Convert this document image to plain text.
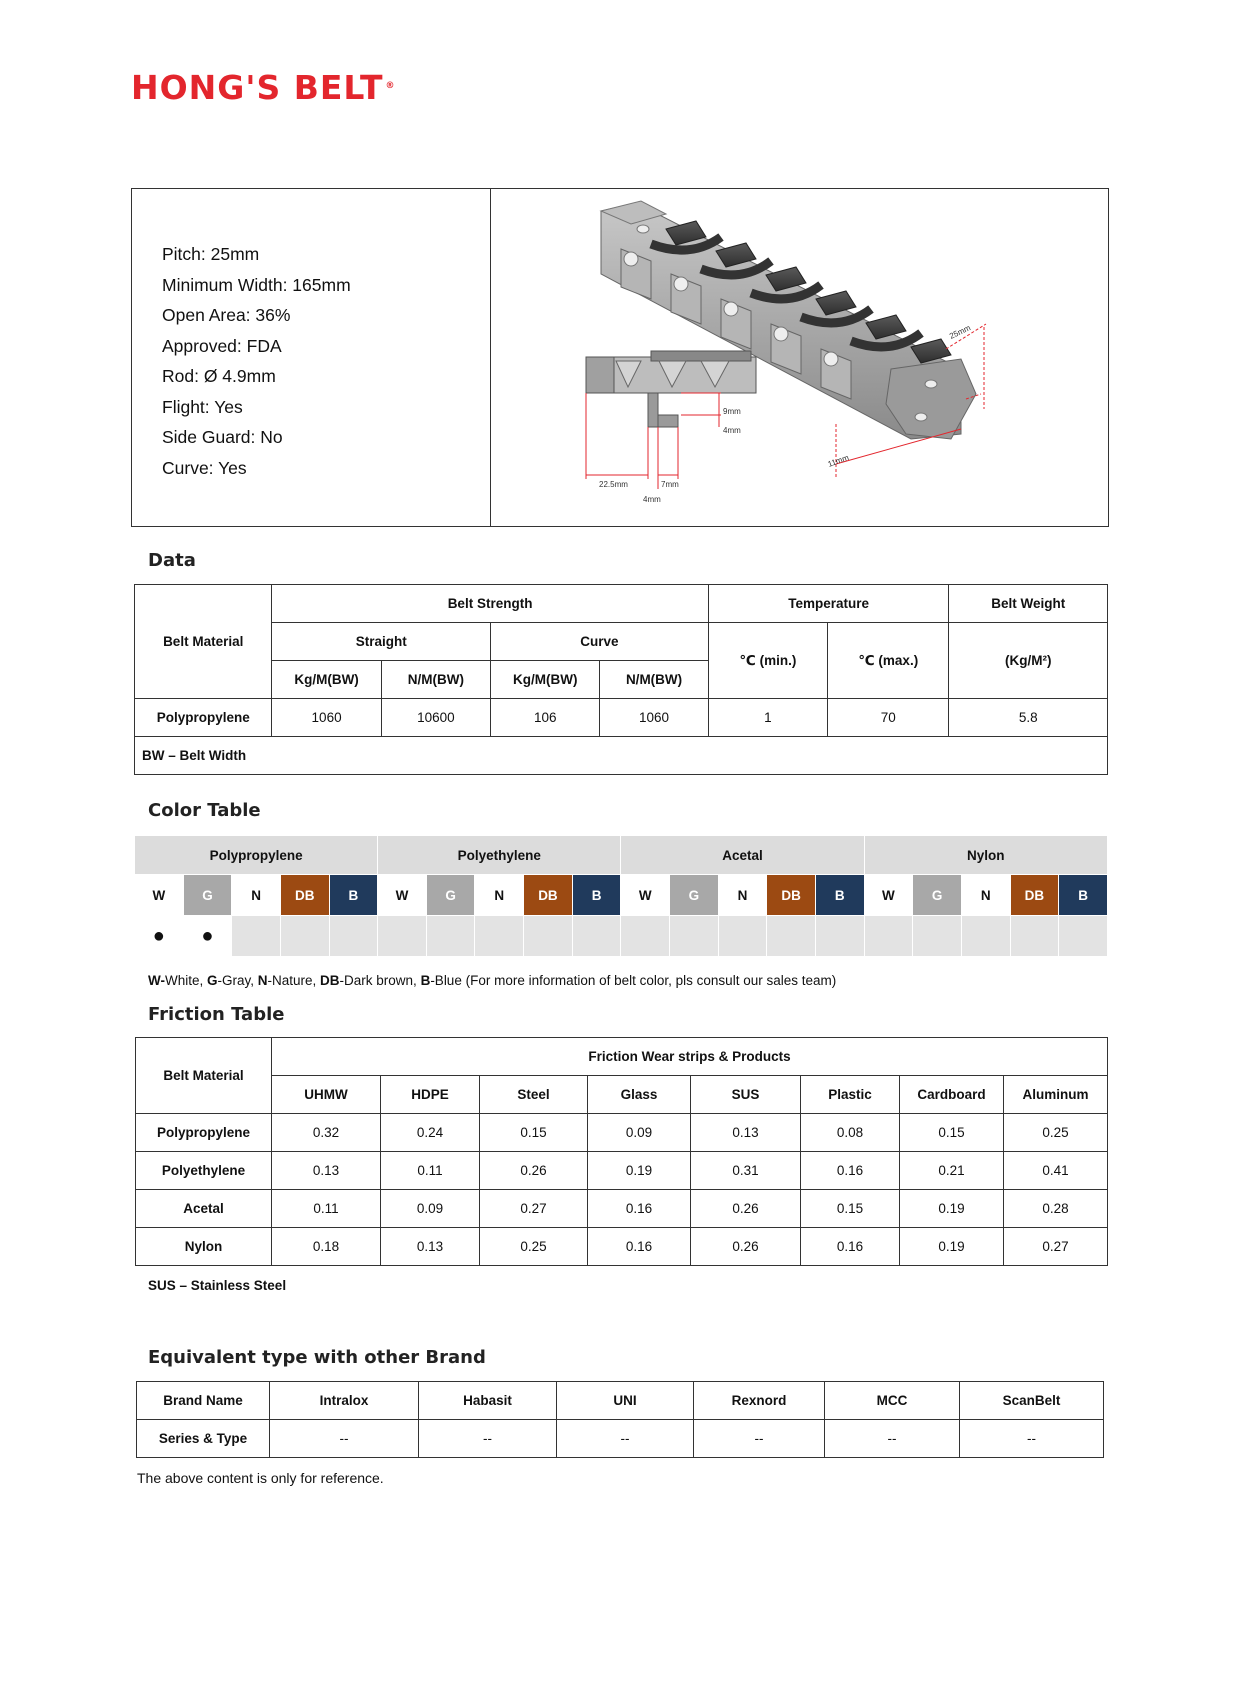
HONG'S BELT ®
Pitch: 25mm
Minimum Width: 165mm
Open Area: 36%
Approved: FDA
Rod: Ø 4.9mm
Flight: Yes
Side Guard: No
Curve: Yes
25mm
11mm
9mm
4mm
22.5mm	7mm
4mm
Data
Belt Material	Belt Strength				Temperature		Belt Weight
	Straight		Curve		℃ (min.)	℃ (max.)	(Kg/M²)
	Kg/M(BW)	N/M(BW)	Kg/M(BW)	N/M(BW)			
Polypropylene	1060	10600	106	1060	1	70	5.8
BW – Belt Width							
Color Table
Polypropylene					Polyethylene					Acetal					Nylon				
W	G	N	DB	B	W	G	N	DB	B	W	G	N	DB	B	W	G	N	DB	B
●	●																		
W-White, G-Gray, N-Nature, DB-Dark brown, B-Blue (For more information of belt color, pls consult our sales team)
Friction Table
Belt Material	Friction Wear strips & Products							
	UHMW	HDPE	Steel	Glass	SUS	Plastic	Cardboard	Aluminum
Polypropylene	0.32	0.24	0.15	0.09	0.13	0.08	0.15	0.25
Polyethylene	0.13	0.11	0.26	0.19	0.31	0.16	0.21	0.41
Acetal	0.11	0.09	0.27	0.16	0.26	0.15	0.19	0.28
Nylon	0.18	0.13	0.25	0.16	0.26	0.16	0.19	0.27
SUS – Stainless Steel
Equivalent type with other Brand
Brand Name	Intralox	Habasit	UNI	Rexnord	MCC	ScanBelt
Series & Type	--	--	--	--	--	--
The above content is only for reference.
